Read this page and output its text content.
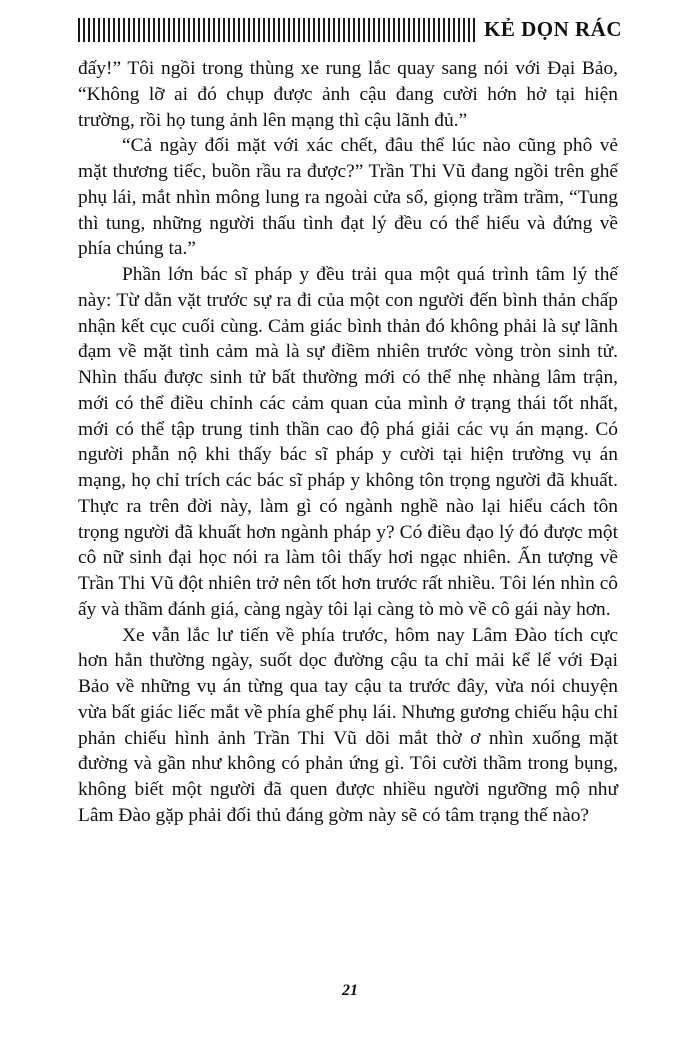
KẺ DỌN RÁC

đấy!” Tôi ngồi trong thùng xe rung lắc quay sang nói với Đại Bảo, “Không lỡ ai đó chụp được ảnh cậu đang cười hớn hở tại hiện trường, rồi họ tung ảnh lên mạng thì cậu lãnh đủ.”

“Cả ngày đối mặt với xác chết, đâu thể lúc nào cũng phô vẻ mặt thương tiếc, buồn rầu ra được?” Trần Thi Vũ đang ngồi trên ghế phụ lái, mắt nhìn mông lung ra ngoài cửa sổ, giọng trầm trầm, “Tung thì tung, những người thấu tình đạt lý đều có thể hiểu và đứng về phía chúng ta.”

Phần lớn bác sĩ pháp y đều trải qua một quá trình tâm lý thế này: Từ dằn vặt trước sự ra đi của một con người đến bình thản chấp nhận kết cục cuối cùng. Cảm giác bình thản đó không phải là sự lãnh đạm về mặt tình cảm mà là sự điềm nhiên trước vòng tròn sinh tử. Nhìn thấu được sinh tử bất thường mới có thể nhẹ nhàng lâm trận, mới có thể điều chỉnh các cảm quan của mình ở trạng thái tốt nhất, mới có thể tập trung tinh thần cao độ phá giải các vụ án mạng. Có người phẫn nộ khi thấy bác sĩ pháp y cười tại hiện trường vụ án mạng, họ chỉ trích các bác sĩ pháp y không tôn trọng người đã khuất. Thực ra trên đời này, làm gì có ngành nghề nào lại hiểu cách tôn trọng người đã khuất hơn ngành pháp y? Có điều đạo lý đó được một cô nữ sinh đại học nói ra làm tôi thấy hơi ngạc nhiên. Ấn tượng về Trần Thi Vũ đột nhiên trở nên tốt hơn trước rất nhiều. Tôi lén nhìn cô ấy và thầm đánh giá, càng ngày tôi lại càng tò mò về cô gái này hơn.

Xe vẫn lắc lư tiến về phía trước, hôm nay Lâm Đào tích cực hơn hẳn thường ngày, suốt dọc đường cậu ta chỉ mải kể lể với Đại Bảo về những vụ án từng qua tay cậu ta trước đây, vừa nói chuyện vừa bất giác liếc mắt về phía ghế phụ lái. Nhưng gương chiếu hậu chỉ phản chiếu hình ảnh Trần Thi Vũ dõi mắt thờ ơ nhìn xuống mặt đường và gần như không có phản ứng gì. Tôi cười thầm trong bụng, không biết một người đã quen được nhiều người ngưỡng mộ như Lâm Đào gặp phải đối thủ đáng gờm này sẽ có tâm trạng thế nào?

21
